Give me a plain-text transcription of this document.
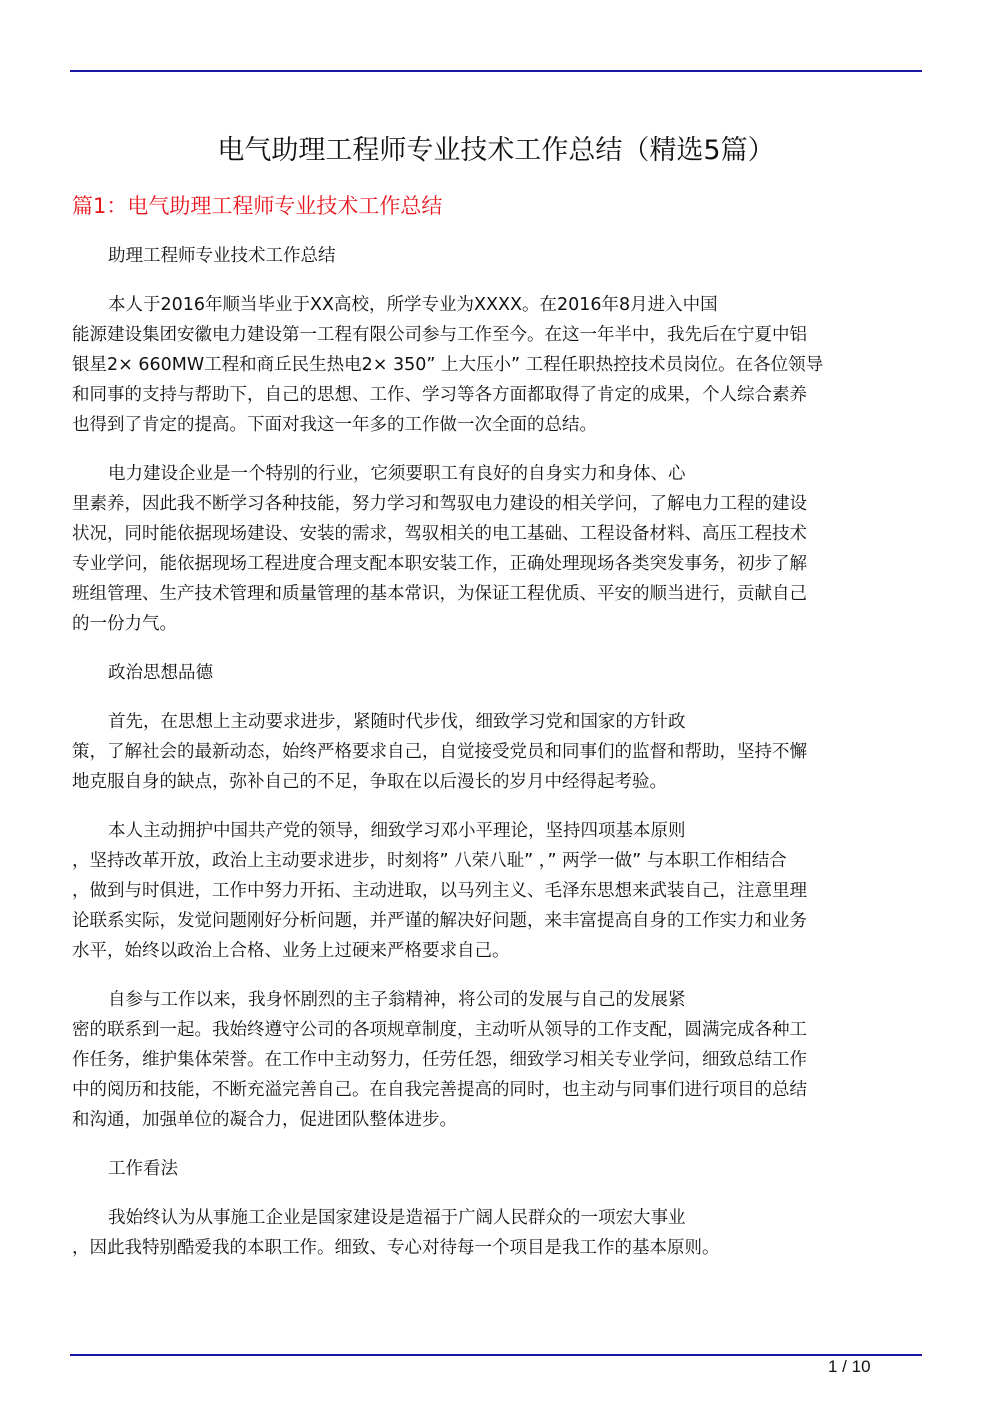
电气助理工程师专业技术工作总结（精选5篇）
篇1：电气助理工程师专业技术工作总结
助理工程师专业技术工作总结
本人于2016年顺当毕业于XX高校，所学专业为XXXX。在2016年8月进入中国
能源建设集团安徽电力建设第一工程有限公司参与工作至今。在这一年半中，我先后在宁夏中铝
银星2× 660MW工程和商丘民生热电2× 350” 上大压小” 工程任职热控技术员岗位。在各位领导
和同事的支持与帮助下，自己的思想、工作、学习等各方面都取得了肯定的成果，个人综合素养
也得到了肯定的提高。下面对我这一年多的工作做一次全面的总结。
电力建设企业是一个特别的行业，它须要职工有良好的自身实力和身体、心
里素养，因此我不断学习各种技能，努力学习和驾驭电力建设的相关学问，了解电力工程的建设
状况，同时能依据现场建设、安装的需求，驾驭相关的电工基础、工程设备材料、高压工程技术
专业学问，能依据现场工程进度合理支配本职安装工作，正确处理现场各类突发事务，初步了解
班组管理、生产技术管理和质量管理的基本常识，为保证工程优质、平安的顺当进行，贡献自己
的一份力气。
政治思想品德
首先，在思想上主动要求进步，紧随时代步伐，细致学习党和国家的方针政
策，了解社会的最新动态，始终严格要求自己，自觉接受党员和同事们的监督和帮助，坚持不懈
地克服自身的缺点，弥补自己的不足，争取在以后漫长的岁月中经得起考验。
本人主动拥护中国共产党的领导，细致学习邓小平理论，坚持四项基本原则
，坚持改革开放，政治上主动要求进步，时刻将” 八荣八耻” ，” 两学一做” 与本职工作相结合
，做到与时俱进，工作中努力开拓、主动进取，以马列主义、毛泽东思想来武装自己，注意里理
论联系实际，发觉问题刚好分析问题，并严谨的解决好问题，来丰富提高自身的工作实力和业务
水平，始终以政治上合格、业务上过硬来严格要求自己。
自参与工作以来，我身怀剧烈的主子翁精神，将公司的发展与自己的发展紧
密的联系到一起。我始终遵守公司的各项规章制度，主动听从领导的工作支配，圆满完成各种工
作任务，维护集体荣誉。在工作中主动努力，任劳任怨，细致学习相关专业学问，细致总结工作
中的阅历和技能，不断充溢完善自己。在自我完善提高的同时，也主动与同事们进行项目的总结
和沟通，加强单位的凝合力，促进团队整体进步。
工作看法
我始终认为从事施工企业是国家建设是造福于广阔人民群众的一项宏大事业
，因此我特别酷爱我的本职工作。细致、专心对待每一个项目是我工作的基本原则。
1 / 10
